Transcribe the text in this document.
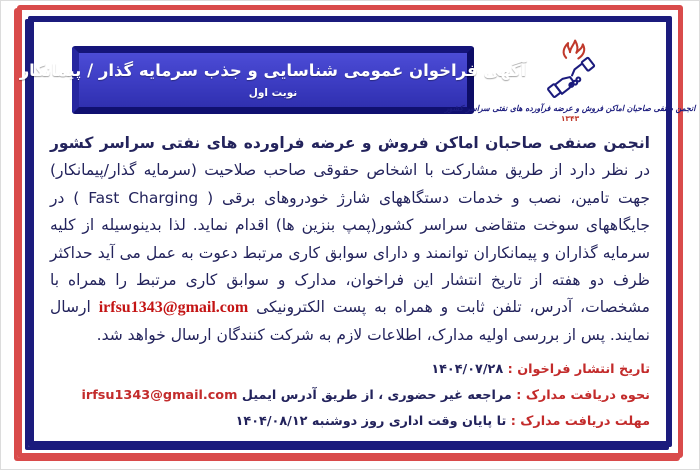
آگهی فراخوان عمومی شناسایی و جذب سرمایه گذار / پیمانکار
نوبت اول
انجمن صنفی صاحبان اماکن فروش و عرضه فرآورده های نفتی سراسر کشور
۱۳۴۳

انجمن صنفی صاحبان اماکن فروش و عرضه فراورده های نفتی سراسر کشور در نظر دارد از طریق مشارکت با اشخاص حقوقی صاحب صلاحیت (سرمایه گذار/پیمانکار) جهت تامین، نصب و خدمات دستگاههای شارژ خودروهای برقی ( Fast Charging ) در جایگاههای سوخت متقاضی سراسر کشور(پمپ بنزین ها) اقدام نماید. لذا بدینوسیله از کلیه سرمایه گذاران و پیمانکاران توانمند و دارای سوابق کاری مرتبط دعوت به عمل می آید حداکثر ظرف دو هفته از تاریخ انتشار این فراخوان، مدارک و سوابق کاری مرتبط را همراه با مشخصات، آدرس، تلفن ثابت و همراه به پست الکترونیکی irfsu1343@gmail.com ارسال نمایند. پس از بررسی اولیه مدارک، اطلاعات لازم به شرکت کنندگان ارسال خواهد شد.

تاریخ انتشار فراخوان : ۱۴۰۴/۰۷/۲۸
نحوه دریافت مدارک : مراجعه غیر حضوری ، از طریق آدرس ایمیل irfsu1343@gmail.com
مهلت دریافت مدارک : تا پایان وقت اداری روز دوشنبه ۱۴۰۴/۰۸/۱۲
